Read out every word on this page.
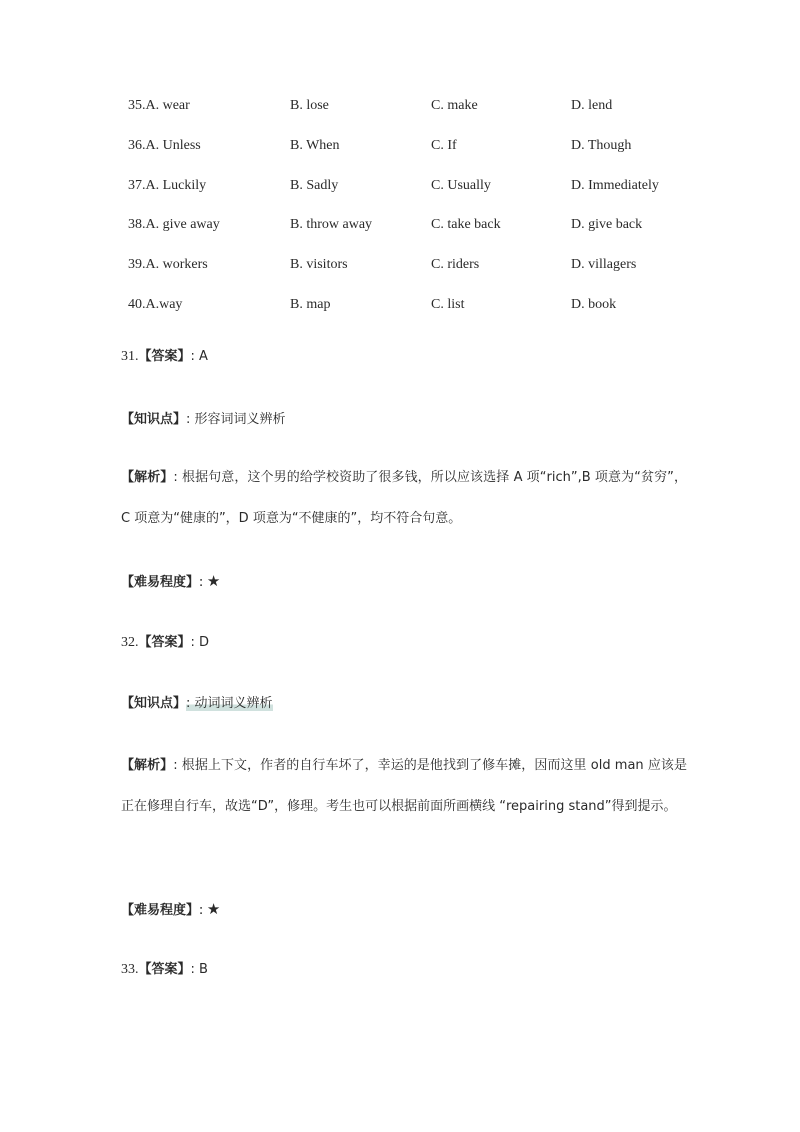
35.A. wear	B. lose	C. make	D. lend
36.A. Unless	B. When	C. If	D. Though
37.A. Luckily	B. Sadly	C. Usually	D. Immediately
38.A. give away	B. throw away	C. take back	D. give back
39.A. workers	B. visitors	C. riders	D. villagers
40.A.way	B. map	C. list	D. book
31.【答案】: A
【知识点】: 形容词词义辨析
【解析】: 根据句意，这个男的给学校资助了很多钱，所以应该选择 A 项“rich”,B 项意为“贫穷”，C 项意为“健康的”，D 项意为“不健康的”，均不符合句意。
【难易程度】: ★
32.【答案】: D
【知识点】: 动词词义辨析
【解析】: 根据上下文，作者的自行车坏了，幸运的是他找到了修车摊，因而这里 old man 应该是正在修理自行车，故选“D”，修理。考生也可以根据前面所画横线 “repairing stand”得到提示。
【难易程度】: ★
33.【答案】: B
